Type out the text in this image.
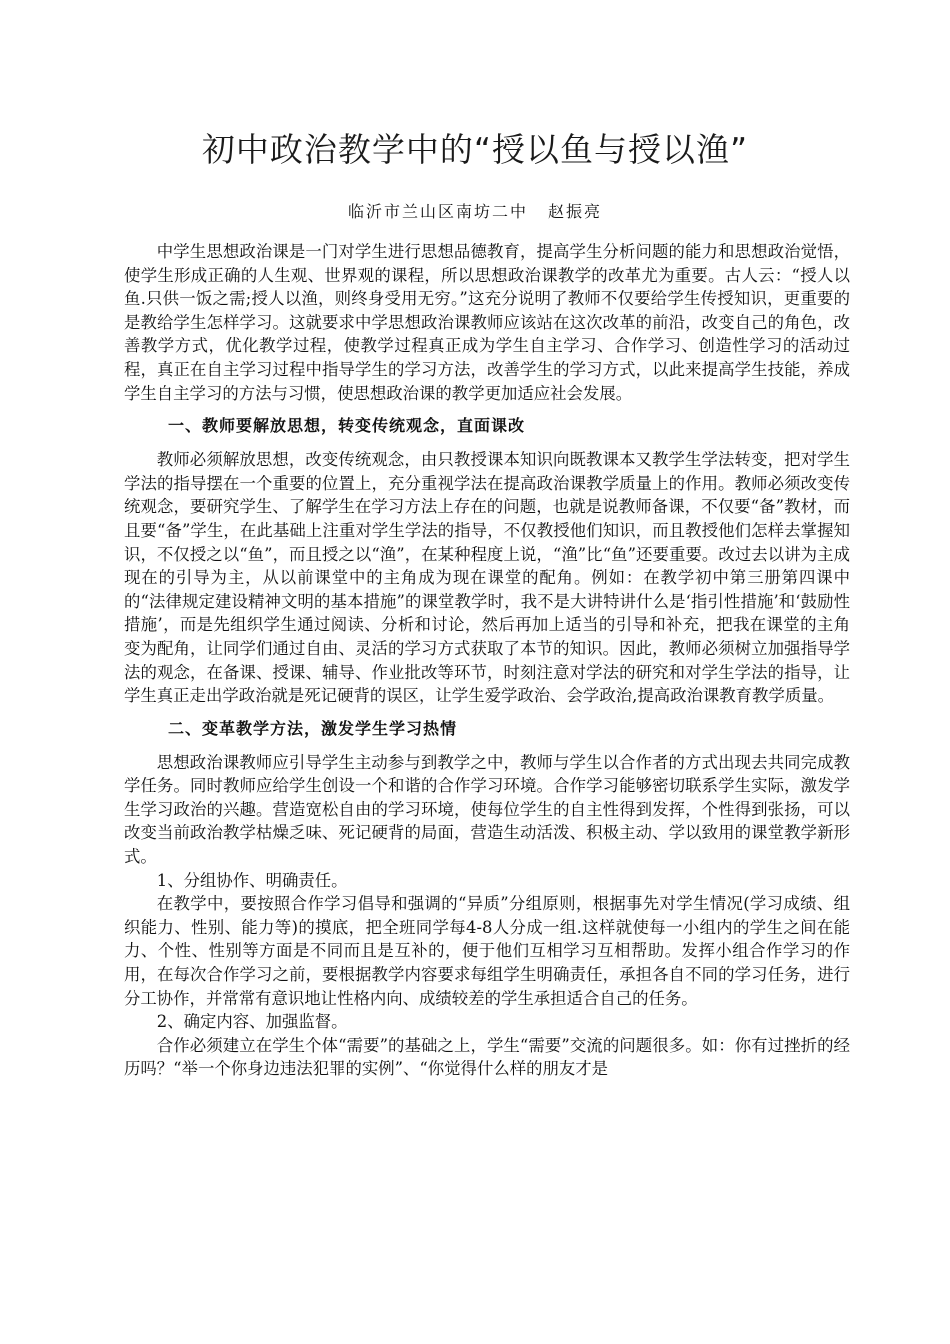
初中政治教学中的“授以鱼与授以渔”
临沂市兰山区南坊二中 赵振亮

中学生思想政治课是一门对学生进行思想品德教育，提高学生分析问题的能力和思想政治觉悟，使学生形成正确的人生观、世界观的课程，所以思想政治课教学的改革尤为重要。古人云：“授人以鱼.只供一饭之需;授人以渔，则终身受用无穷。”这充分说明了教师不仅要给学生传授知识，更重要的是教给学生怎样学习。这就要求中学思想政治课教师应该站在这次改革的前沿，改变自己的角色，改善教学方式，优化教学过程，使教学过程真正成为学生自主学习、合作学习、创造性学习的活动过程，真正在自主学习过程中指导学生的学习方法，改善学生的学习方式，以此来提高学生技能，养成学生自主学习的方法与习惯，使思想政治课的教学更加适应社会发展。

一、教师要解放思想，转变传统观念，直面课改

教师必须解放思想，改变传统观念，由只教授课本知识向既教课本又教学生学法转变，把对学生学法的指导摆在一个重要的位置上，充分重视学法在提高政治课教学质量上的作用。教师必须改变传统观念，要研究学生、了解学生在学习方法上存在的问题，也就是说教师备课，不仅要“备”教材，而且要“备”学生，在此基础上注重对学生学法的指导，不仅教授他们知识，而且教授他们怎样去掌握知识，不仅授之以“鱼”，而且授之以“渔”，在某种程度上说，“渔”比“鱼”还要重要。改过去以讲为主成现在的引导为主，从以前课堂中的主角成为现在课堂的配角。例如：在教学初中第三册第四课中的“法律规定建设精神文明的基本措施”的课堂教学时，我不是大讲特讲什么是‘指引性措施’和‘鼓励性措施’，而是先组织学生通过阅读、分析和讨论，然后再加上适当的引导和补充，把我在课堂的主角变为配角，让同学们通过自由、灵活的学习方式获取了本节的知识。因此，教师必须树立加强指导学法的观念，在备课、授课、辅导、作业批改等环节，时刻注意对学法的研究和对学生学法的指导，让学生真正走出学政治就是死记硬背的误区，让学生爱学政治、会学政治,提高政治课教育教学质量。

二、变革教学方法，激发学生学习热情

思想政治课教师应引导学生主动参与到教学之中，教师与学生以合作者的方式出现去共同完成教学任务。同时教师应给学生创设一个和谐的合作学习环境。合作学习能够密切联系学生实际，激发学生学习政治的兴趣。营造宽松自由的学习环境，使每位学生的自主性得到发挥，个性得到张扬，可以改变当前政治教学枯燥乏味、死记硬背的局面，营造生动活泼、积极主动、学以致用的课堂教学新形式。

1、分组协作、明确责任。

在教学中，要按照合作学习倡导和强调的“异质”分组原则，根据事先对学生情况(学习成绩、组织能力、性别、能力等)的摸底，把全班同学每4-8人分成一组.这样就使每一小组内的学生之间在能力、个性、性别等方面是不同而且是互补的，便于他们互相学习互相帮助。发挥小组合作学习的作用，在每次合作学习之前，要根据教学内容要求每组学生明确责任，承担各自不同的学习任务，进行分工协作，并常常有意识地让性格内向、成绩较差的学生承担适合自己的任务。

2、确定内容、加强监督。

合作必须建立在学生个体“需要”的基础之上，学生“需要”交流的问题很多。如：你有过挫折的经历吗？“举一个你身边违法犯罪的实例”、“你觉得什么样的朋友才是
